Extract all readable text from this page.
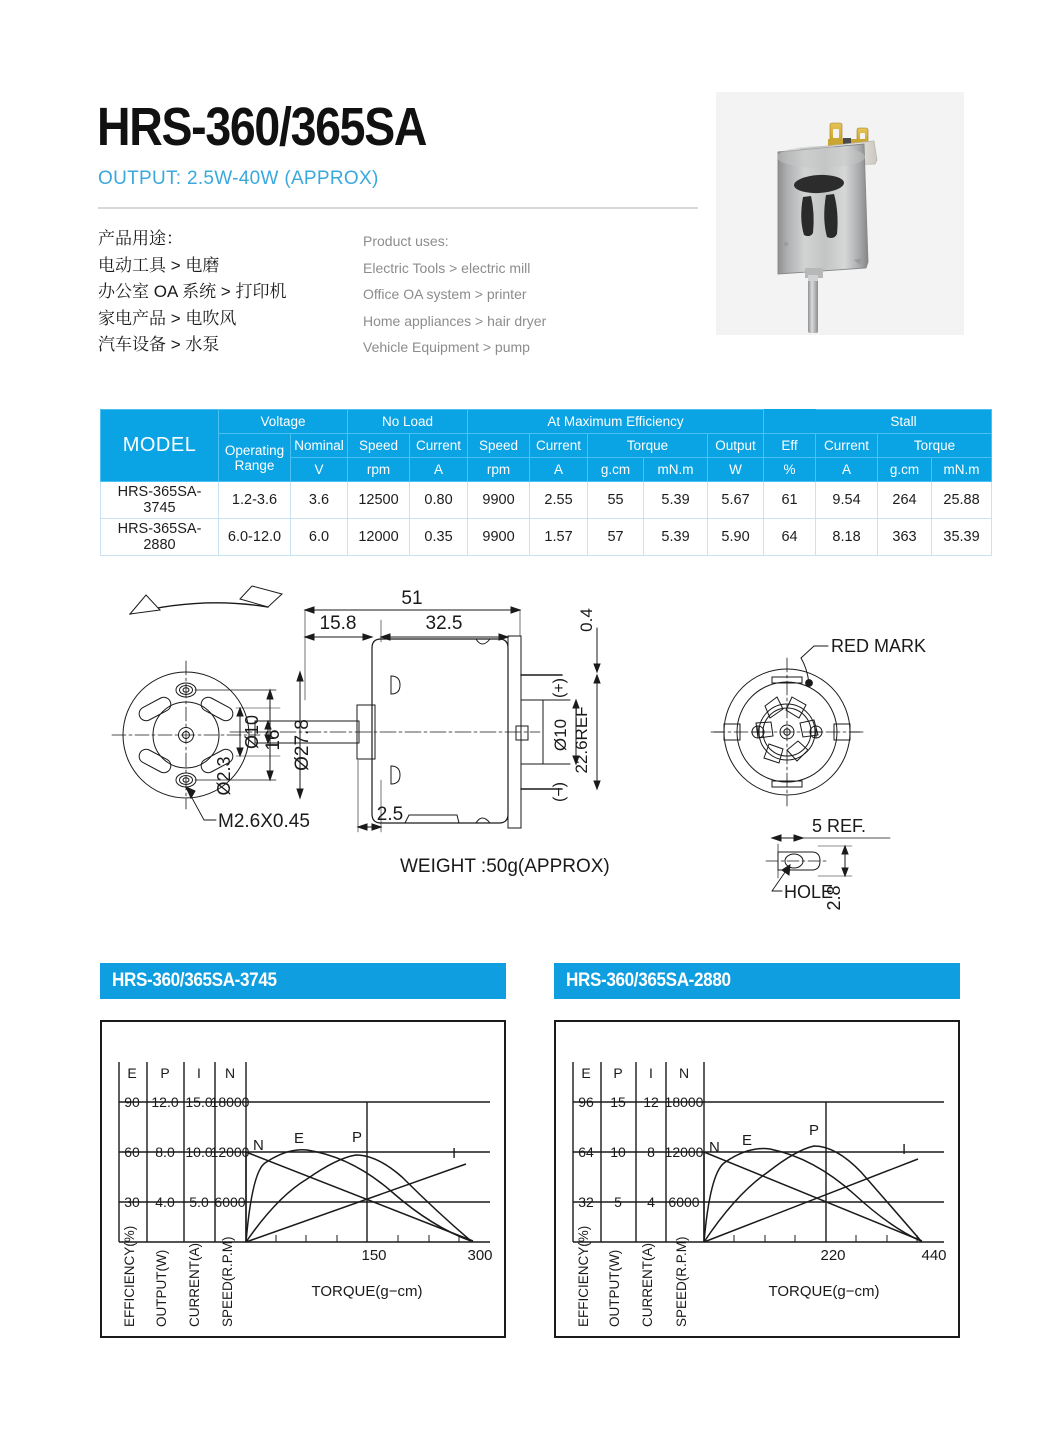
HRS-360/365SA
OUTPUT: 2.5W-40W (APPROX)
产品用途：
电动工具 > 电磨
办公室 OA 系统 > 打印机
家电产品 > 电吹风
汽车设备 > 水泵
Product uses:
Electric Tools > electric mill
Office OA system > printer
Home appliances > hair dryer
Vehicle Equipment > pump
MODEL	Voltage		No Load		At Maximum Efficiency						Stall		
	Operating Range	Nominal	Speed	Current	Speed	Current	Torque		Output	Eff	Current	Torque	
		V	rpm	A	rpm	A	g.cm	mN.m	W	%	A	g.cm	mN.m
HRS-365SA-3745	1.2-3.6	3.6	12500	0.80	9900	2.55	55	5.39	5.67	61	9.54	264	25.88
HRS-365SA-2880	6.0-12.0	6.0	12000	0.35	9900	1.57	57	5.39	5.90	64	8.18	363	35.39
Ø27.8
16
M2.6X0.45
51
15.8	32.5
2.5
Ø10
Ø2.3
WEIGHT :50g(APPROX)
0.4
22.6REF
Ø10
(+)
(−)
RED MARK
5 REF.
HOLE
2.8
HRS-360/365SA-3745
N E	P
I
E P I N
90 12.0 15.0
18000
60 8.0 10.0
12000
30 4.0 5.0 6000
150	300
EFFICIENCY(%) OUTPUT(W) CURRENT(A) SPEED(R.P.M)	TORQUE(g−cm)
HRS-360/365SA-2880
N E
P
I
E P I N
96 15 12 18000
64 10 8 12000
32 5 4 6000
220	440
EFFICIENCY(%) OUTPUT(W) CURRENT(A) SPEED(R.P.M)	TORQUE(g−cm)
